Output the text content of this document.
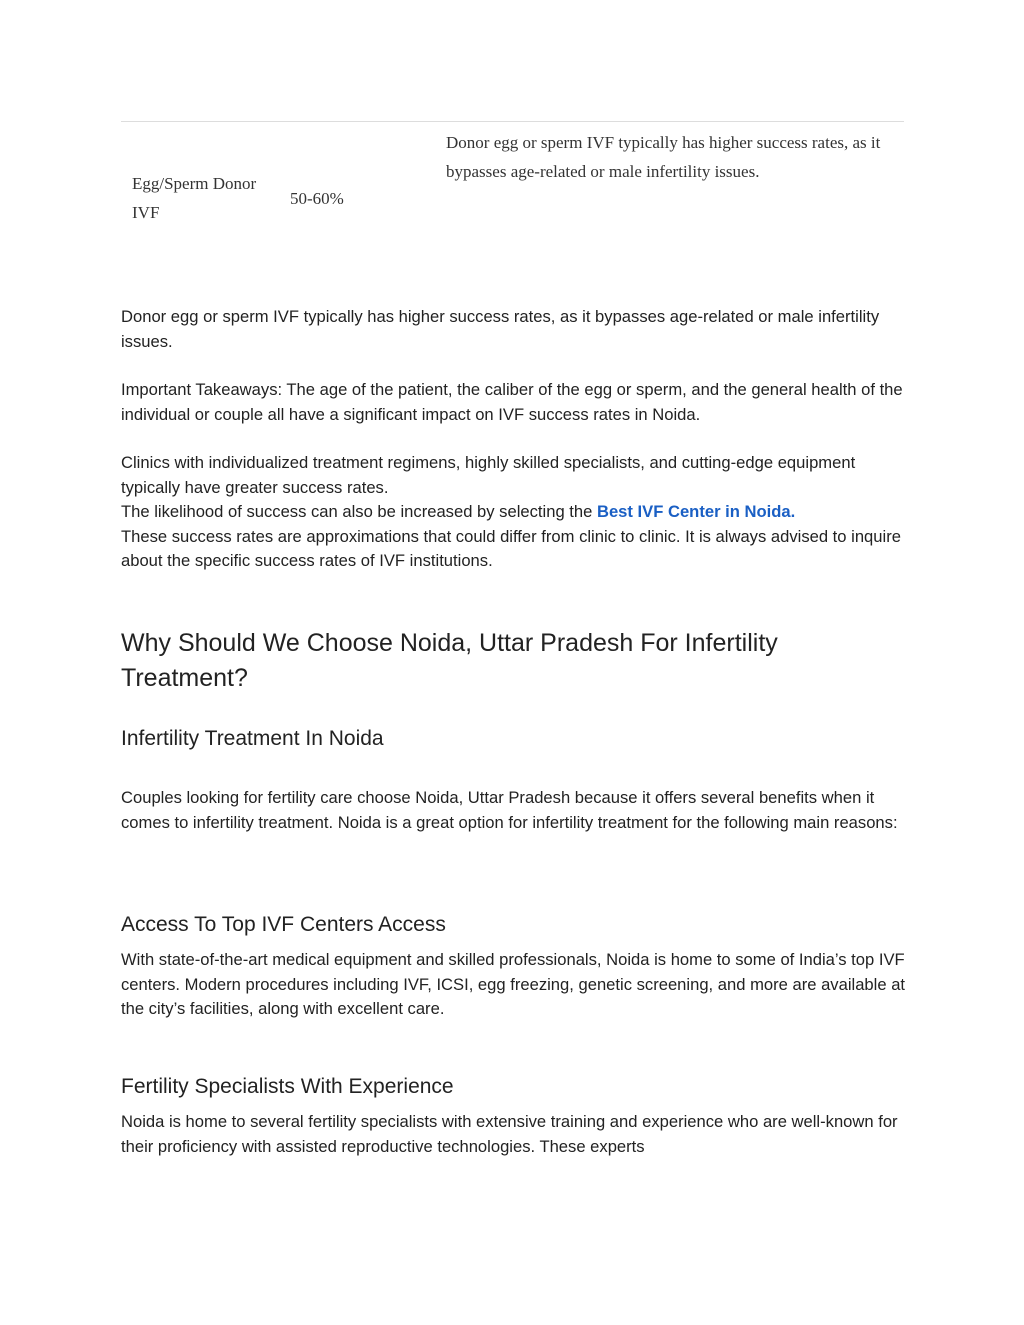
Egg/Sperm Donor IVF
50-60%
Donor egg or sperm IVF typically has higher success rates, as it bypasses age-related or male infertility issues.

Donor egg or sperm IVF typically has higher success rates, as it bypasses age-related or male infertility issues.

Important Takeaways: The age of the patient, the caliber of the egg or sperm, and the general health of the individual or couple all have a significant impact on IVF success rates in Noida.

Clinics with individualized treatment regimens, highly skilled specialists, and cutting-edge equipment typically have greater success rates.
The likelihood of success can also be increased by selecting the Best IVF Center in Noida.
These success rates are approximations that could differ from clinic to clinic. It is always advised to inquire about the specific success rates of IVF institutions.
Why Should We Choose Noida, Uttar Pradesh For Infertility Treatment?
Infertility Treatment In Noida

Couples looking for fertility care choose Noida, Uttar Pradesh because it offers several benefits when it comes to infertility treatment. Noida is a great option for infertility treatment for the following main reasons:

Access To Top IVF Centers Access

With state-of-the-art medical equipment and skilled professionals, Noida is home to some of India’s top IVF centers. Modern procedures including IVF, ICSI, egg freezing, genetic screening, and more are available at the city’s facilities, along with excellent care.

Fertility Specialists With Experience

Noida is home to several fertility specialists with extensive training and experience who are well-known for their proficiency with assisted reproductive technologies. These experts
